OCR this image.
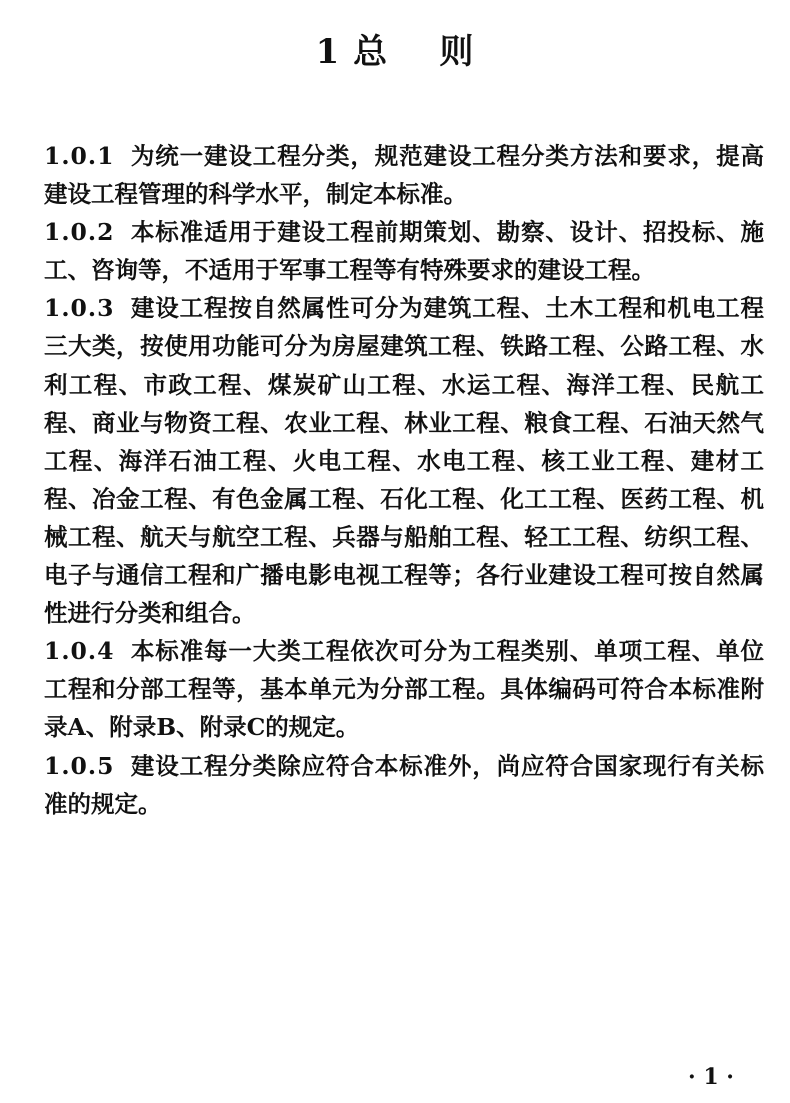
1 总    则

1.0.1 为统一建设工程分类，规范建设工程分类方法和要求，提高建设工程管理的科学水平，制定本标准。

1.0.2 本标准适用于建设工程前期策划、勘察、设计、招投标、施工、咨询等，不适用于军事工程等有特殊要求的建设工程。

1.0.3 建设工程按自然属性可分为建筑工程、土木工程和机电工程三大类，按使用功能可分为房屋建筑工程、铁路工程、公路工程、水利工程、市政工程、煤炭矿山工程、水运工程、海洋工程、民航工程、商业与物资工程、农业工程、林业工程、粮食工程、石油天然气工程、海洋石油工程、火电工程、水电工程、核工业工程、建材工程、冶金工程、有色金属工程、石化工程、化工工程、医药工程、机械工程、航天与航空工程、兵器与船舶工程、轻工工程、纺织工程、电子与通信工程和广播电影电视工程等；各行业建设工程可按自然属性进行分类和组合。

1.0.4 本标准每一大类工程依次可分为工程类别、单项工程、单位工程和分部工程等，基本单元为分部工程。具体编码可符合本标准附录A、附录B、附录C的规定。

1.0.5 建设工程分类除应符合本标准外，尚应符合国家现行有关标准的规定。

· 1 ·
